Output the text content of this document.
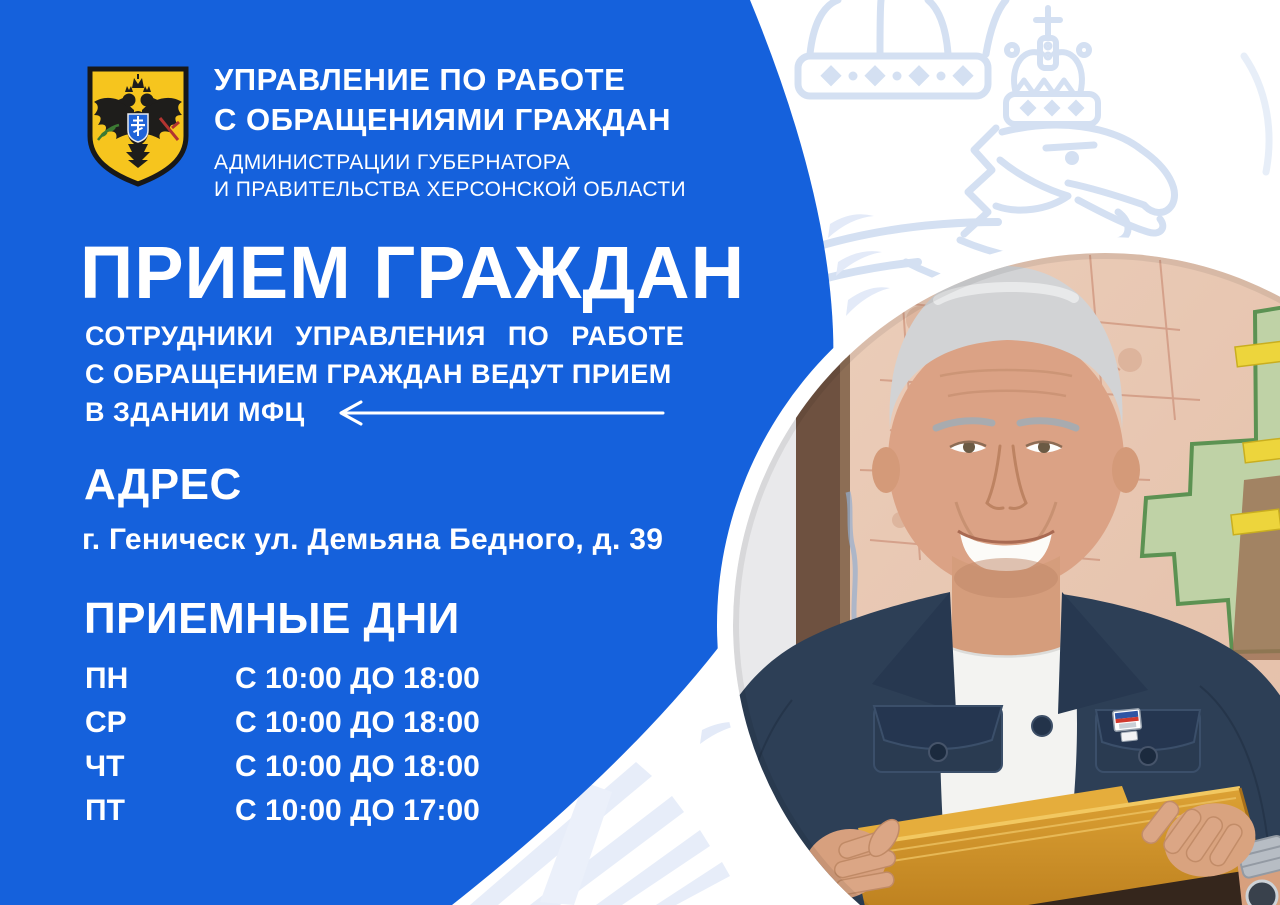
УПРАВЛЕНИЕ ПО РАБОТЕ
С ОБРАЩЕНИЯМИ ГРАЖДАН
АДМИНИСТРАЦИИ ГУБЕРНАТОРА
И ПРАВИТЕЛЬСТВА ХЕРСОНСКОЙ ОБЛАСТИ
ПРИЕМ ГРАЖДАН
СОТРУДНИКИ УПРАВЛЕНИЯ ПО РАБОТЕ
С ОБРАЩЕНИЕМ ГРАЖДАН ВЕДУТ ПРИЕМ
В ЗДАНИИ МФЦ
АДРЕС
г. Геническ ул. Демьяна Бедного, д. 39
ПРИЕМНЫЕ ДНИ
ПН	С 10:00 ДО 18:00
СР	С 10:00 ДО 18:00
ЧТ	С 10:00 ДО 18:00
ПТ	С 10:00 ДО 17:00
